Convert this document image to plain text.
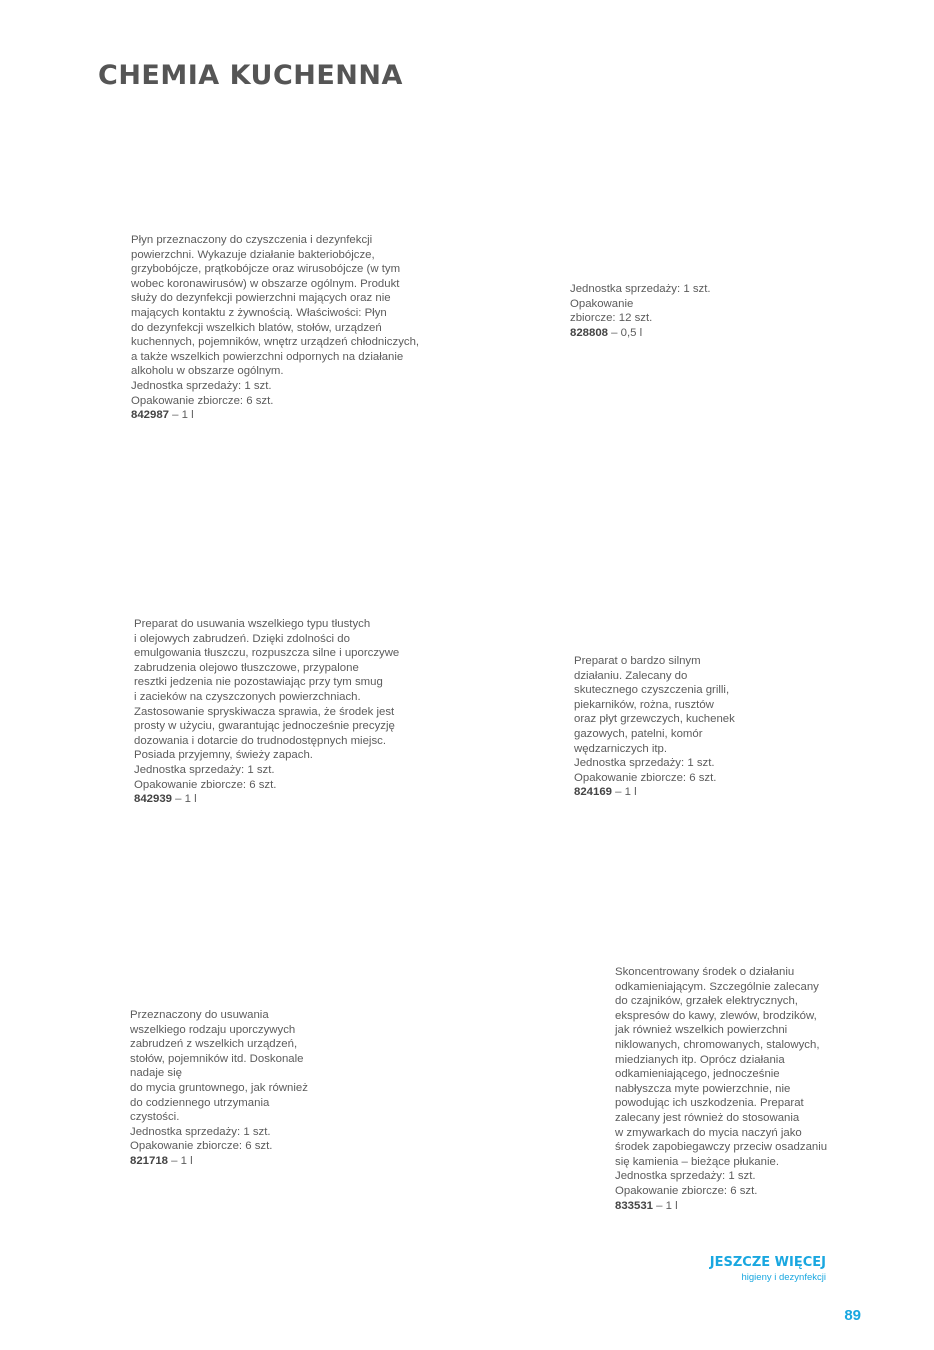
CHEMIA KUCHENNA
Płyn przeznaczony do czyszczenia i dezynfekcji
powierzchni. Wykazuje działanie bakteriobójcze,
grzybobójcze, prątkobójcze oraz wirusobójcze (w tym
wobec koronawirusów) w obszarze ogólnym. Produkt
służy do dezynfekcji powierzchni mających oraz nie
mających kontaktu z żywnością. Właściwości: Płyn
do dezynfekcji wszelkich blatów, stołów, urządzeń
kuchennych, pojemników, wnętrz urządzeń chłodniczych,
a także wszelkich powierzchni odpornych na działanie
alkoholu w obszarze ogólnym.
Jednostka sprzedaży: 1 szt.
Opakowanie zbiorcze: 6 szt.
842987 – 1 l
Jednostka sprzedaży: 1 szt.
Opakowanie
zbiorcze: 12 szt.
828808 – 0,5 l
Preparat do usuwania wszelkiego typu tłustych
i olejowych zabrudzeń. Dzięki zdolności do
emulgowania tłuszczu, rozpuszcza silne i uporczywe
zabrudzenia olejowo tłuszczowe, przypalone
resztki jedzenia nie pozostawiając przy tym smug
i zacieków na czyszczonych powierzchniach.
Zastosowanie spryskiwacza sprawia, że środek jest
prosty w użyciu, gwarantując jednocześnie precyzję
dozowania i dotarcie do trudnodostępnych miejsc.
Posiada przyjemny, świeży zapach.
Jednostka sprzedaży: 1 szt.
Opakowanie zbiorcze: 6 szt.
842939 – 1 l
Preparat o bardzo silnym
działaniu. Zalecany do
skutecznego czyszczenia grilli,
piekarników, rożna, rusztów
oraz płyt grzewczych, kuchenek
gazowych, patelni, komór
wędzarniczych itp.
Jednostka sprzedaży: 1 szt.
Opakowanie zbiorcze: 6 szt.
824169 – 1 l
Przeznaczony do usuwania
wszelkiego rodzaju uporczywych
zabrudzeń z wszelkich urządzeń,
stołów, pojemników itd. Doskonale
nadaje się
do mycia gruntownego, jak również
do codziennego utrzymania
czystości.
Jednostka sprzedaży: 1 szt.
Opakowanie zbiorcze: 6 szt.
821718 – 1 l
Skoncentrowany środek o działaniu
odkamieniającym. Szczególnie zalecany
do czajników, grzałek elektrycznych,
ekspresów do kawy, zlewów, brodzików,
jak również wszelkich powierzchni
niklowanych, chromowanych, stalowych,
miedzianych itp. Oprócz działania
odkamieniającego, jednocześnie
nabłyszcza myte powierzchnie, nie
powodując ich uszkodzenia. Preparat
zalecany jest również do stosowania
w zmywarkach do mycia naczyń jako
środek zapobiegawczy przeciw osadzaniu
się kamienia – bieżące płukanie.
Jednostka sprzedaży: 1 szt.
Opakowanie zbiorcze: 6 szt.
833531 – 1 l
JESZCZE WIĘCEJ
higieny i dezynfekcji
89
